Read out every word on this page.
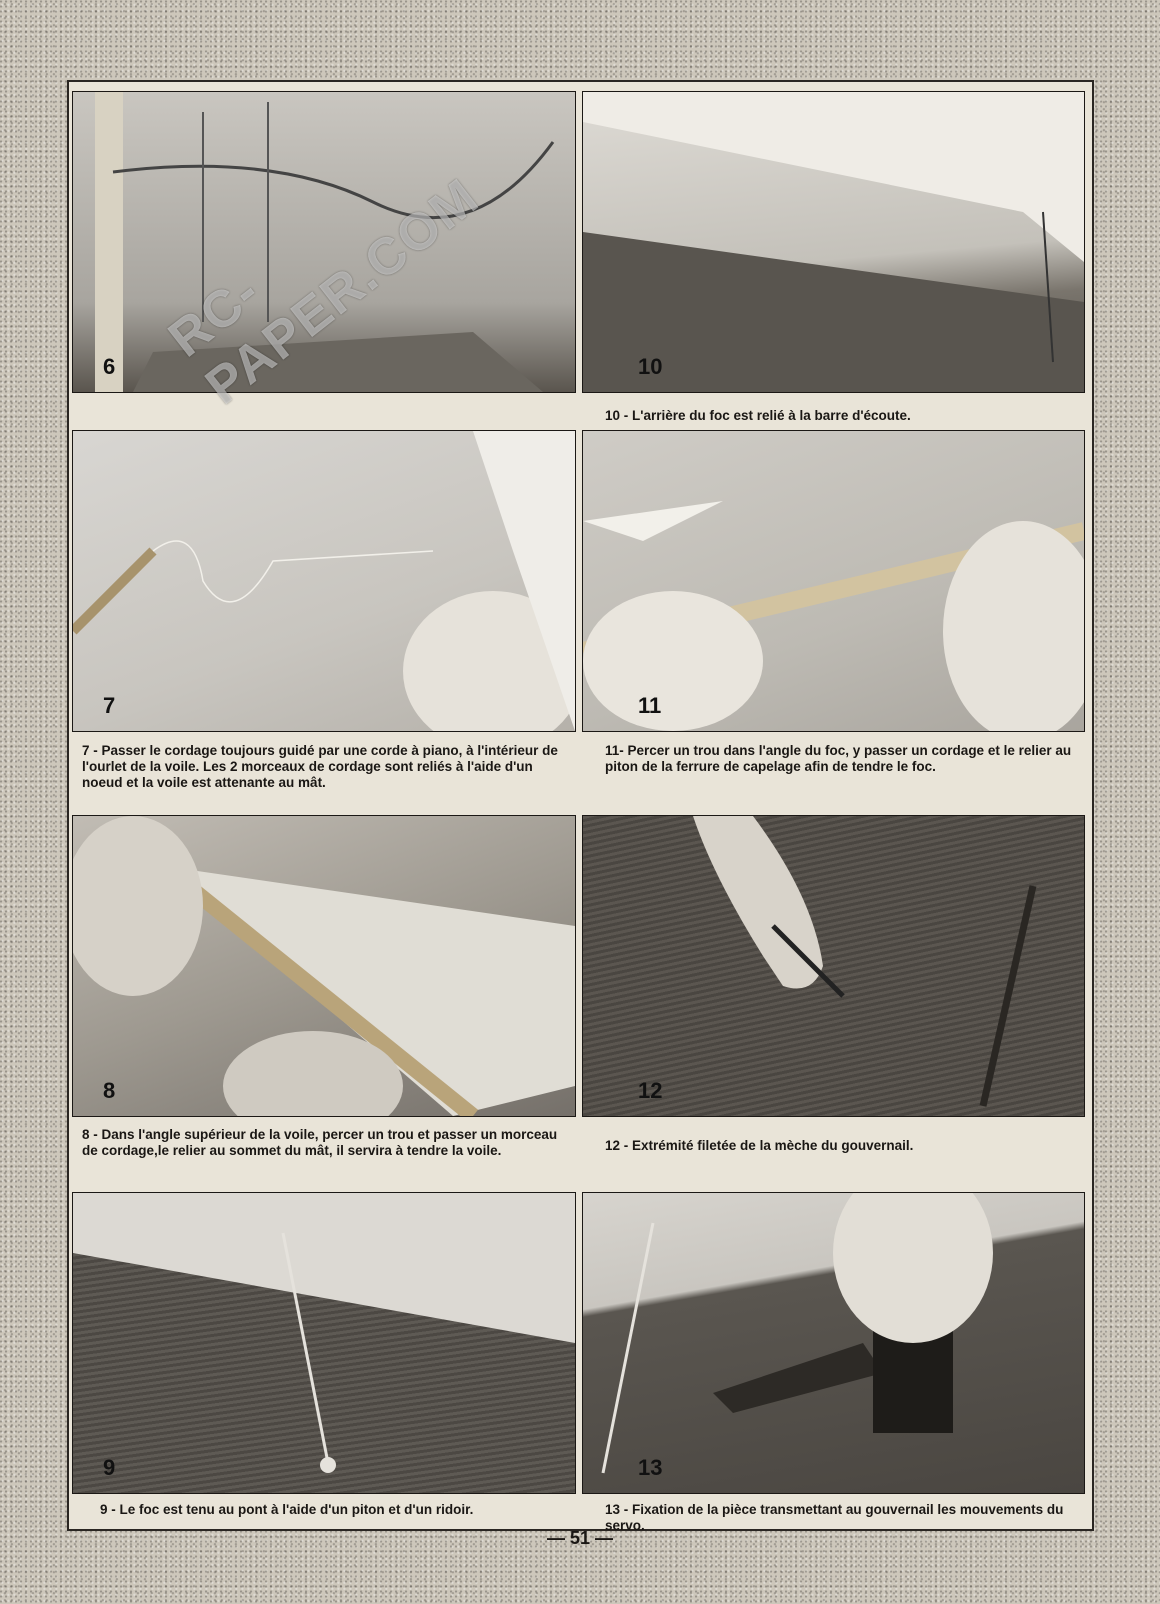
6	10
10 - L'arrière du foc est relié à la barre d'écoute.
7
7 - Passer le cordage toujours guidé par une corde à piano, à l'intérieur de l'ourlet de la voile. Les 2 morceaux de cordage sont reliés à l'aide d'un noeud et la voile est attenante au mât.
11
11- Percer un trou dans l'angle du foc, y passer un cordage et le relier au piton de la ferrure de capelage afin de tendre le foc.
8
8 - Dans l'angle supérieur de la voile, percer un trou et passer un morceau de cordage,le relier au sommet du mât, il servira à tendre la voile.
12
12 - Extrémité filetée de la mèche du gouvernail.
9
9 - Le foc est tenu au pont à l'aide d'un piton et d'un ridoir.
13
13 - Fixation de la pièce transmettant au gouvernail les mouvements du servo.
RC-PAPER.COM
— 51 —
